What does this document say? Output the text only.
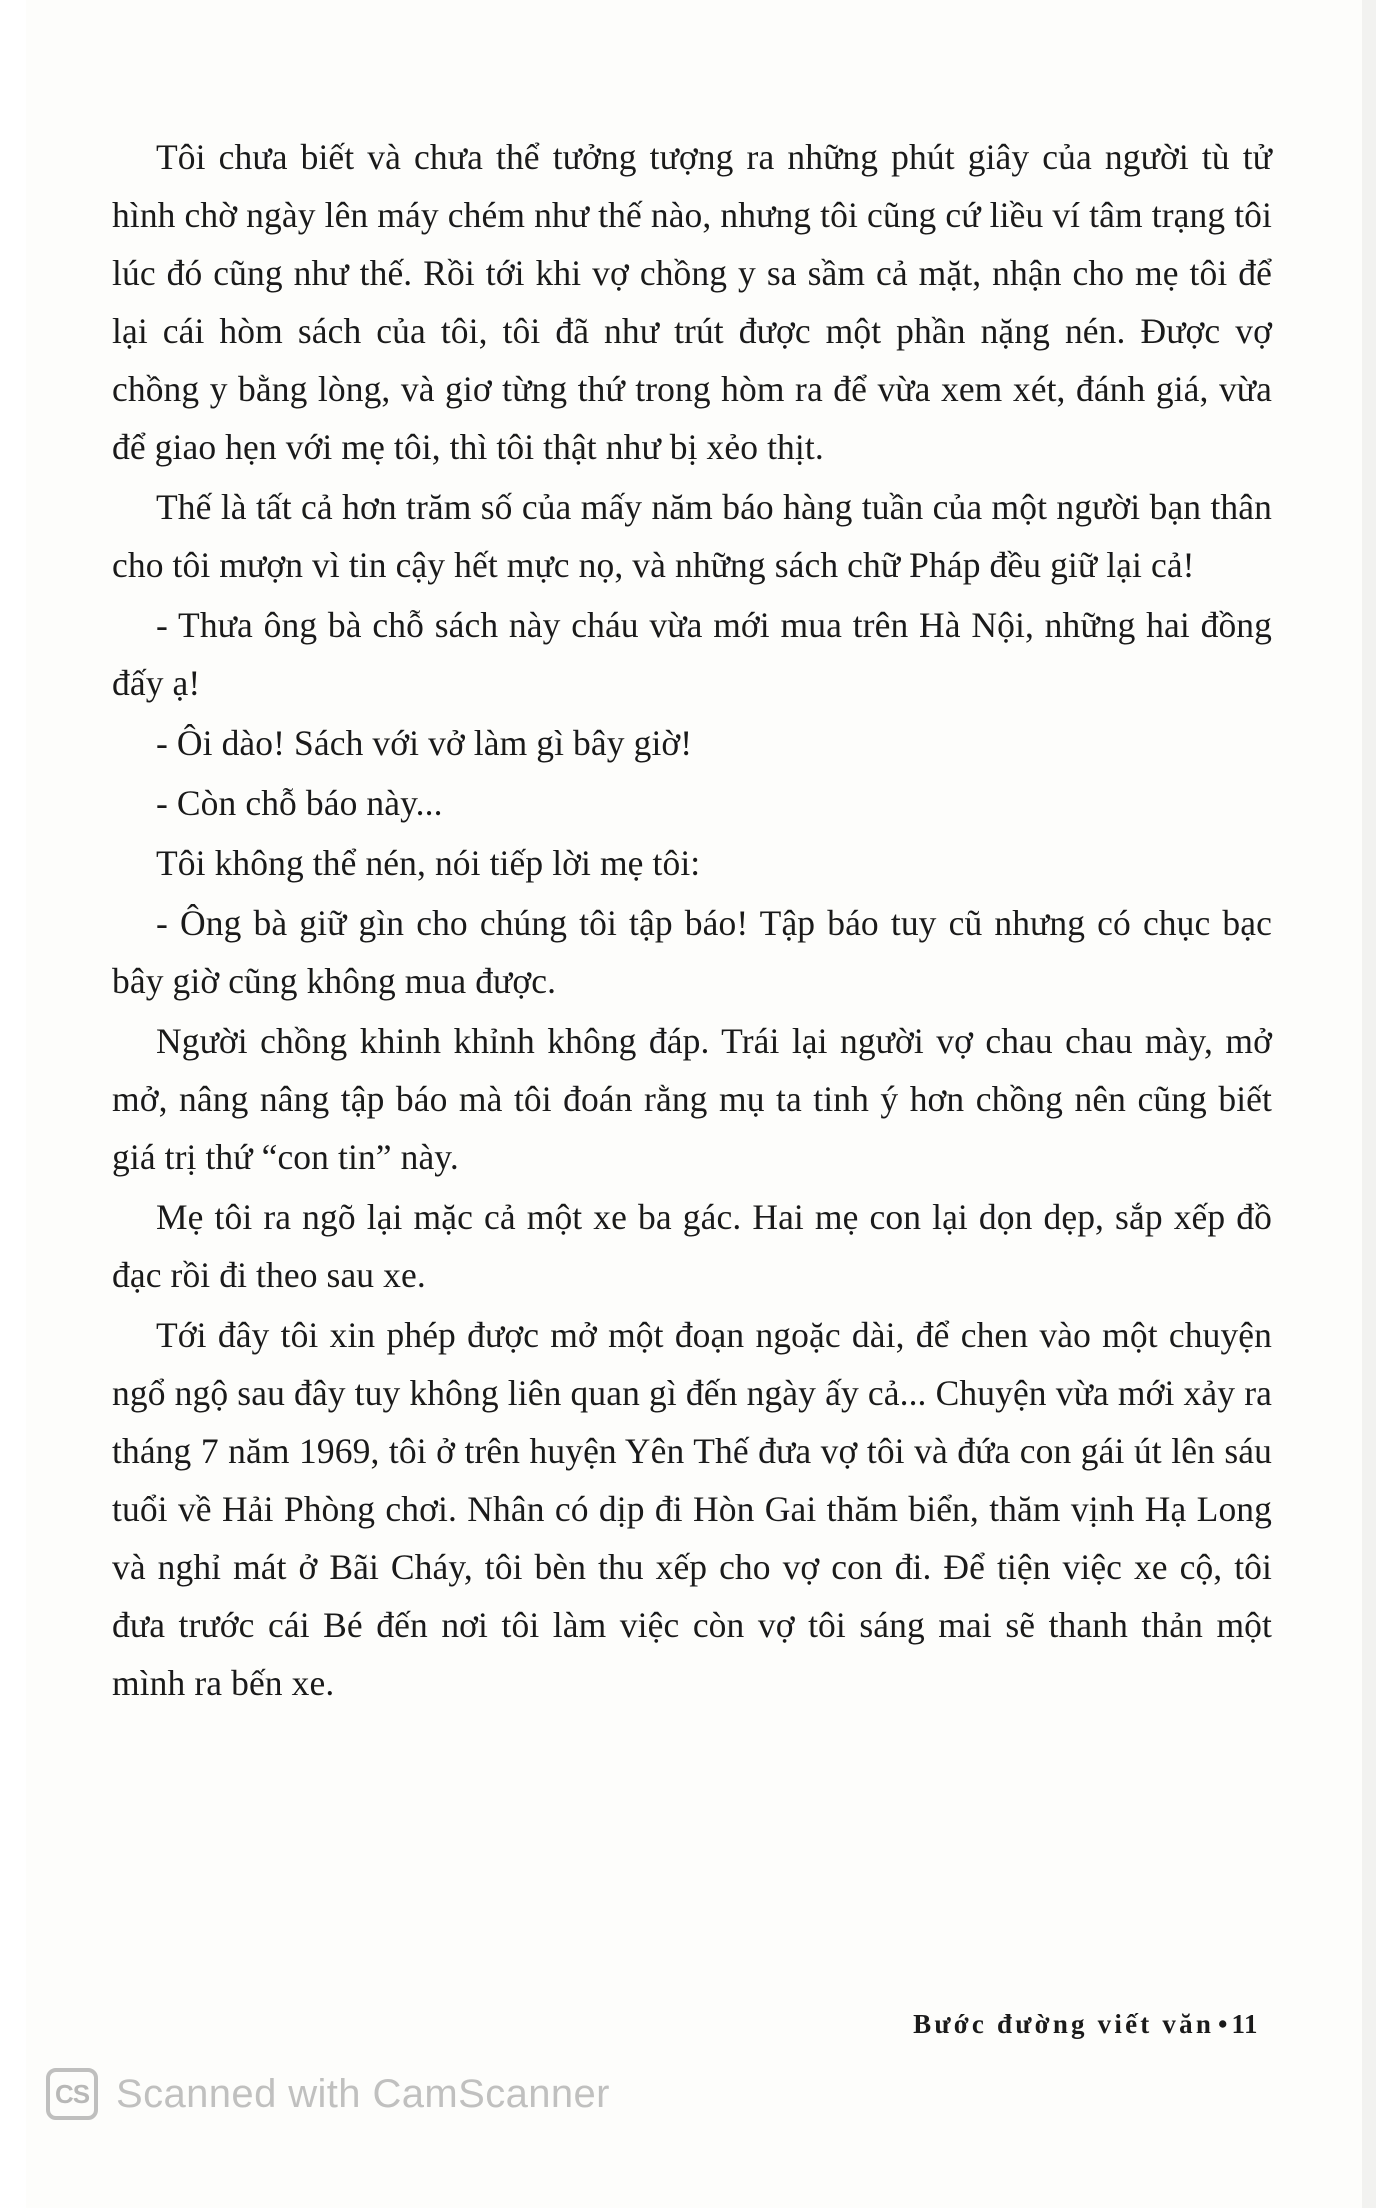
Tôi chưa biết và chưa thể tưởng tượng ra những phút giây của người tù tử hình chờ ngày lên máy chém như thế nào, nhưng tôi cũng cứ liều ví tâm trạng tôi lúc đó cũng như thế. Rồi tới khi vợ chồng y sa sầm cả mặt, nhận cho mẹ tôi để lại cái hòm sách của tôi, tôi đã như trút được một phần nặng nén. Được vợ chồng y bằng lòng, và giơ từng thứ trong hòm ra để vừa xem xét, đánh giá, vừa để giao hẹn với mẹ tôi, thì tôi thật như bị xẻo thịt.

Thế là tất cả hơn trăm số của mấy năm báo hàng tuần của một người bạn thân cho tôi mượn vì tin cậy hết mực nọ, và những sách chữ Pháp đều giữ lại cả!

- Thưa ông bà chỗ sách này cháu vừa mới mua trên Hà Nội, những hai đồng đấy ạ!

- Ôi dào! Sách với vở làm gì bây giờ!

- Còn chỗ báo này...

Tôi không thể nén, nói tiếp lời mẹ tôi:

- Ông bà giữ gìn cho chúng tôi tập báo! Tập báo tuy cũ nhưng có chục bạc bây giờ cũng không mua được.

Người chồng khinh khỉnh không đáp. Trái lại người vợ chau chau mày, mở mở, nâng nâng tập báo mà tôi đoán rằng mụ ta tinh ý hơn chồng nên cũng biết giá trị thứ “con tin” này.

Mẹ tôi ra ngõ lại mặc cả một xe ba gác. Hai mẹ con lại dọn dẹp, sắp xếp đồ đạc rồi đi theo sau xe.

Tới đây tôi xin phép được mở một đoạn ngoặc dài, để chen vào một chuyện ngổ ngộ sau đây tuy không liên quan gì đến ngày ấy cả... Chuyện vừa mới xảy ra tháng 7 năm 1969, tôi ở trên huyện Yên Thế đưa vợ tôi và đứa con gái út lên sáu tuổi về Hải Phòng chơi. Nhân có dịp đi Hòn Gai thăm biển, thăm vịnh Hạ Long và nghỉ mát ở Bãi Cháy, tôi bèn thu xếp cho vợ con đi. Để tiện việc xe cộ, tôi đưa trước cái Bé đến nơi tôi làm việc còn vợ tôi sáng mai sẽ thanh thản một mình ra bến xe.

Bước đường viết văn • 11
CS Scanned with CamScanner
